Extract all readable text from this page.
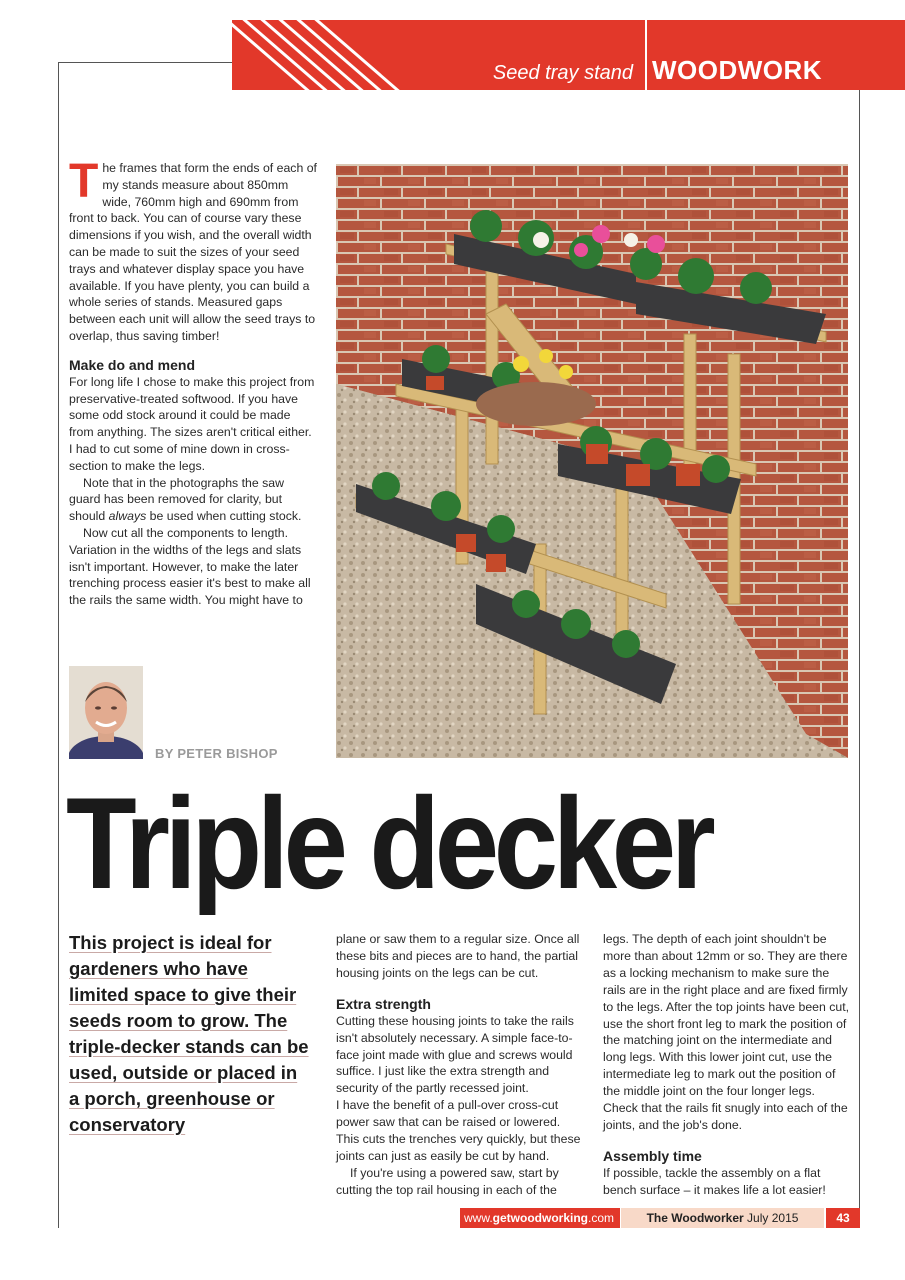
Seed tray stand WOODWORK
T he frames that form the ends of each of my stands measure about 850mm wide, 760mm high and 690mm from front to back. You can of course vary these dimensions if you wish, and the overall width can be made to suit the sizes of your seed trays and whatever display space you have available. If you have plenty, you can build a whole series of stands. Measured gaps between each unit will allow the seed trays to overlap, thus saving timber!

Make do and mend

For long life I chose to make this project from preservative-treated softwood. If you have some odd stock around it could be made from anything. The sizes aren't critical either. I had to cut some of mine down in cross-section to make the legs.

Note that in the photographs the saw guard has been removed for clarity, but should always be used when cutting stock.

Now cut all the components to length. Variation in the widths of the legs and slats isn't important. However, to make the later trenching process easier it's best to make all the rails the same width. You might have to

BY PETER BISHOP
Triple decker
This project is ideal for gardeners who have limited space to give their seeds room to grow. The triple-decker stands can be used, outside or placed in a porch, greenhouse or conservatory

plane or saw them to a regular size. Once all these bits and pieces are to hand, the partial housing joints on the legs can be cut.

Extra strength

Cutting these housing joints to take the rails isn't absolutely necessary. A simple face-to-face joint made with glue and screws would suffice. I just like the extra strength and security of the partly recessed joint.

I have the benefit of a pull-over cross-cut power saw that can be raised or lowered. This cuts the trenches very quickly, but these joints can just as easily be cut by hand.

If you're using a powered saw, start by cutting the top rail housing in each of the

legs. The depth of each joint shouldn't be more than about 12mm or so. They are there as a locking mechanism to make sure the rails are in the right place and are fixed firmly to the legs. After the top joints have been cut, use the short front leg to mark the position of the matching joint on the intermediate and long legs. With this lower joint cut, use the intermediate leg to mark out the position of the middle joint on the four longer legs. Check that the rails fit snugly into each of the joints, and the job's done.

Assembly time

If possible, tackle the assembly on a flat bench surface – it makes life a lot easier!

www.getwoodworking.com	The Woodworker July 2015	43
